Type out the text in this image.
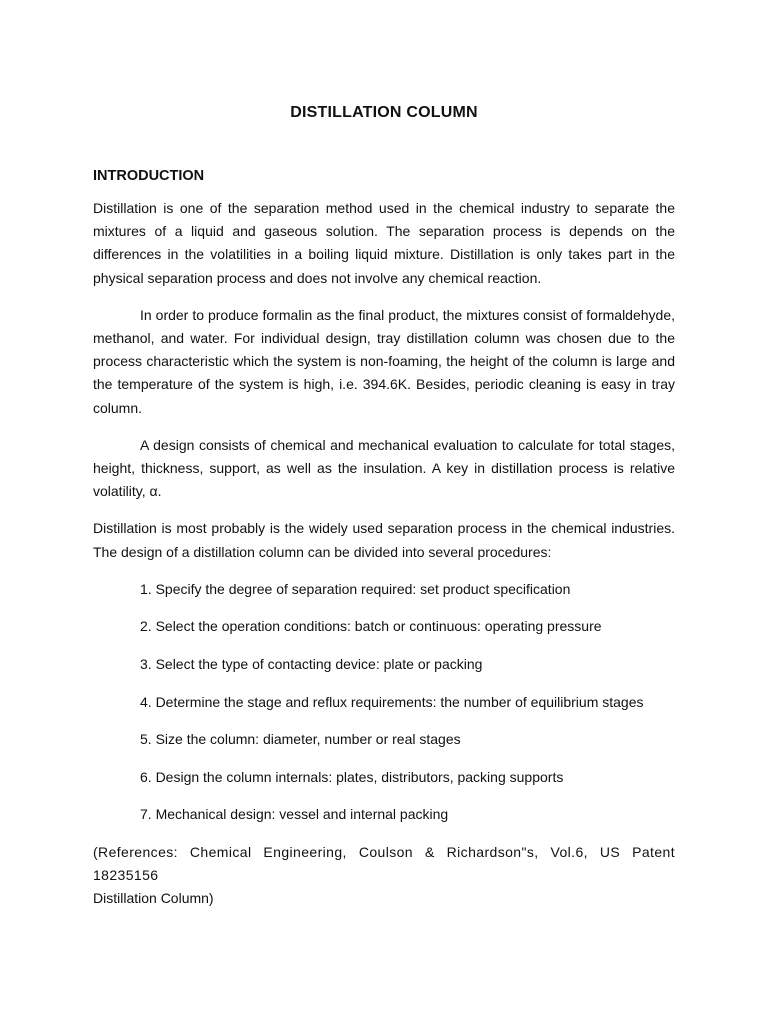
DISTILLATION COLUMN
INTRODUCTION

Distillation is one of the separation method used in the chemical industry to separate the mixtures of a liquid and gaseous solution. The separation process is depends on the differences in the volatilities in a boiling liquid mixture. Distillation is only takes part in the physical separation process and does not involve any chemical reaction.

In order to produce formalin as the final product, the mixtures consist of formaldehyde, methanol, and water. For individual design, tray distillation column was chosen due to the process characteristic which the system is non-foaming, the height of the column is large and the temperature of the system is high, i.e. 394.6K. Besides, periodic cleaning is easy in tray column.

A design consists of chemical and mechanical evaluation to calculate for total stages, height, thickness, support, as well as the insulation. A key in distillation process is relative volatility, α.

Distillation is most probably is the widely used separation process in the chemical industries. The design of a distillation column can be divided into several procedures:

1. Specify the degree of separation required: set product specification
2. Select the operation conditions: batch or continuous: operating pressure
3. Select the type of contacting device: plate or packing
4. Determine the stage and reflux requirements: the number of equilibrium stages
5. Size the column: diameter, number or real stages
6. Design the column internals: plates, distributors, packing supports
7. Mechanical design: vessel and internal packing
(References: Chemical Engineering, Coulson & Richardson"s, Vol.6, US Patent 18235156
Distillation Column)
